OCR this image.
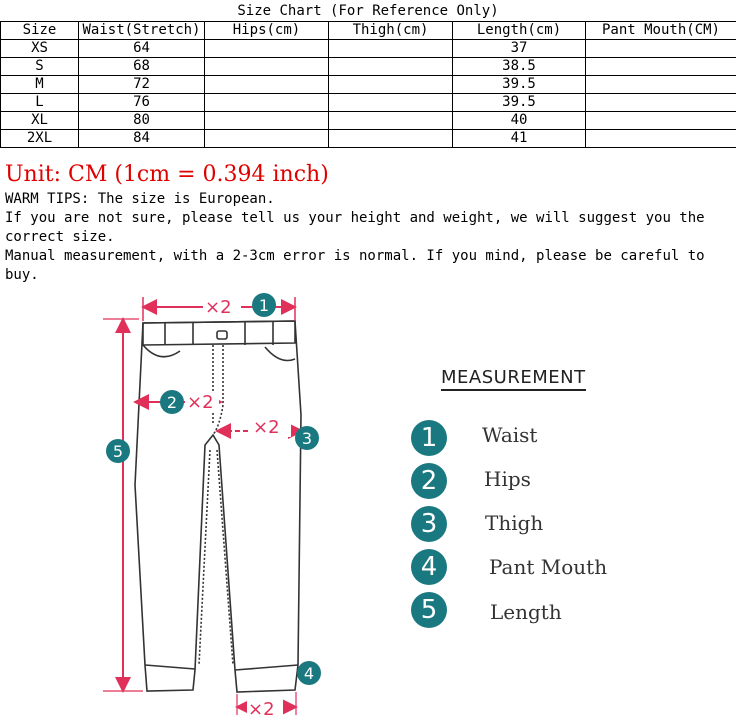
Size Chart (For Reference Only)
Size	Waist(Stretch)	Hips(cm)	Thigh(cm)	Length(cm)	Pant Mouth(CM)
XS	64			37	
S	68			38.5	
M	72			39.5	
L	76			39.5	
XL	80			40	
2XL	84			41	
Unit: CM (1cm = 0.394 inch)
WARM TIPS: The size is European.
If you are not sure, please tell us your height and weight, we will suggest you the correct size.
Manual measurement, with a 2-3cm error is normal. If you mind, please be careful to buy.
×2 1
2 ×2
×2
3
5
×2
4
MEASUREMENT
1	Waist
2	Hips
3	Thigh
4	Pant Mouth
5	Length
